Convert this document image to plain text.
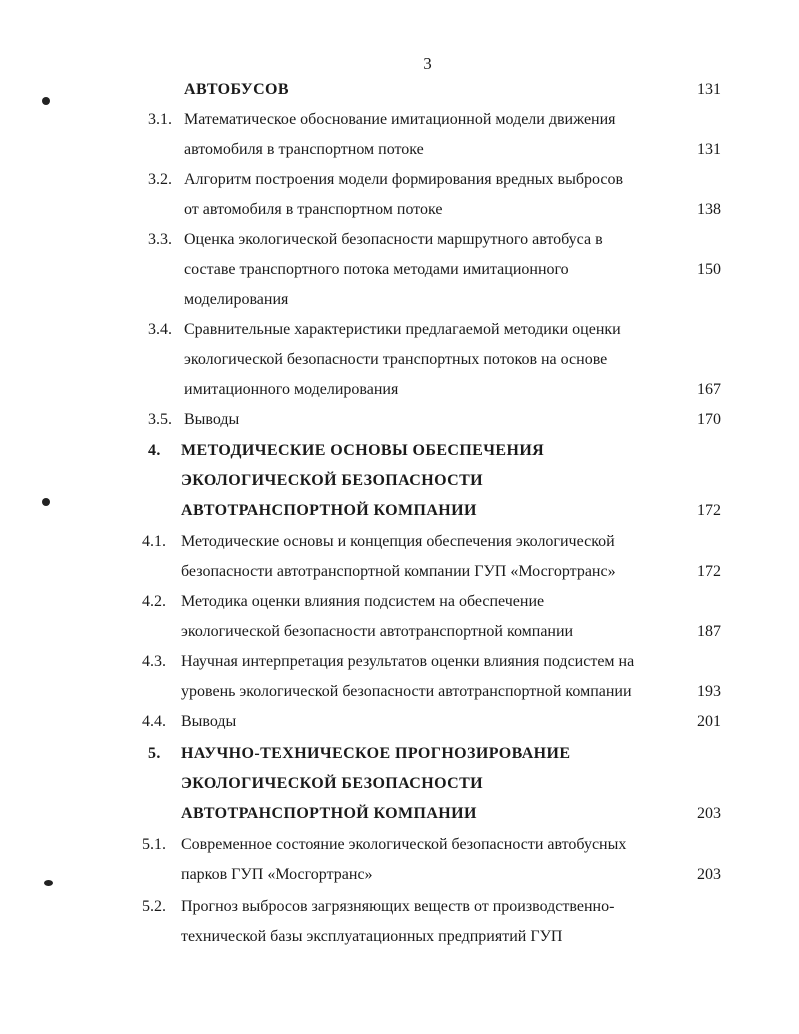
3
АВТОБУСОВ	131
3.1. Математическое обоснование имитационной модели движения
автомобиля в транспортном потоке	131
3.2. Алгоритм построения модели формирования вредных выбросов
от автомобиля в транспортном потоке	138
3.3. Оценка экологической безопасности маршрутного автобуса в
составе транспортного потока методами имитационного	150
моделирования
3.4. Сравнительные характеристики предлагаемой методики оценки
экологической безопасности транспортных потоков на основе
имитационного моделирования	167
3.5. Выводы	170
4. МЕТОДИЧЕСКИЕ ОСНОВЫ ОБЕСПЕЧЕНИЯ
ЭКОЛОГИЧЕСКОЙ БЕЗОПАСНОСТИ
АВТОТРАНСПОРТНОЙ КОМПАНИИ	172
4.1. Методические основы и концепция обеспечения экологической
безопасности автотранспортной компании ГУП «Мосгортранс»	172
4.2. Методика оценки влияния подсистем на обеспечение
экологической безопасности автотранспортной компании	187
4.3. Научная интерпретация результатов оценки влияния подсистем на
уровень экологической безопасности автотранспортной компании	193
4.4. Выводы	201
5. НАУЧНО-ТЕХНИЧЕСКОЕ ПРОГНОЗИРОВАНИЕ
ЭКОЛОГИЧЕСКОЙ БЕЗОПАСНОСТИ
АВТОТРАНСПОРТНОЙ КОМПАНИИ	203
5.1. Современное состояние экологической безопасности автобусных
парков ГУП «Мосгортранс»	203
5.2. Прогноз выбросов загрязняющих веществ от производственно-
технической базы эксплуатационных предприятий ГУП
